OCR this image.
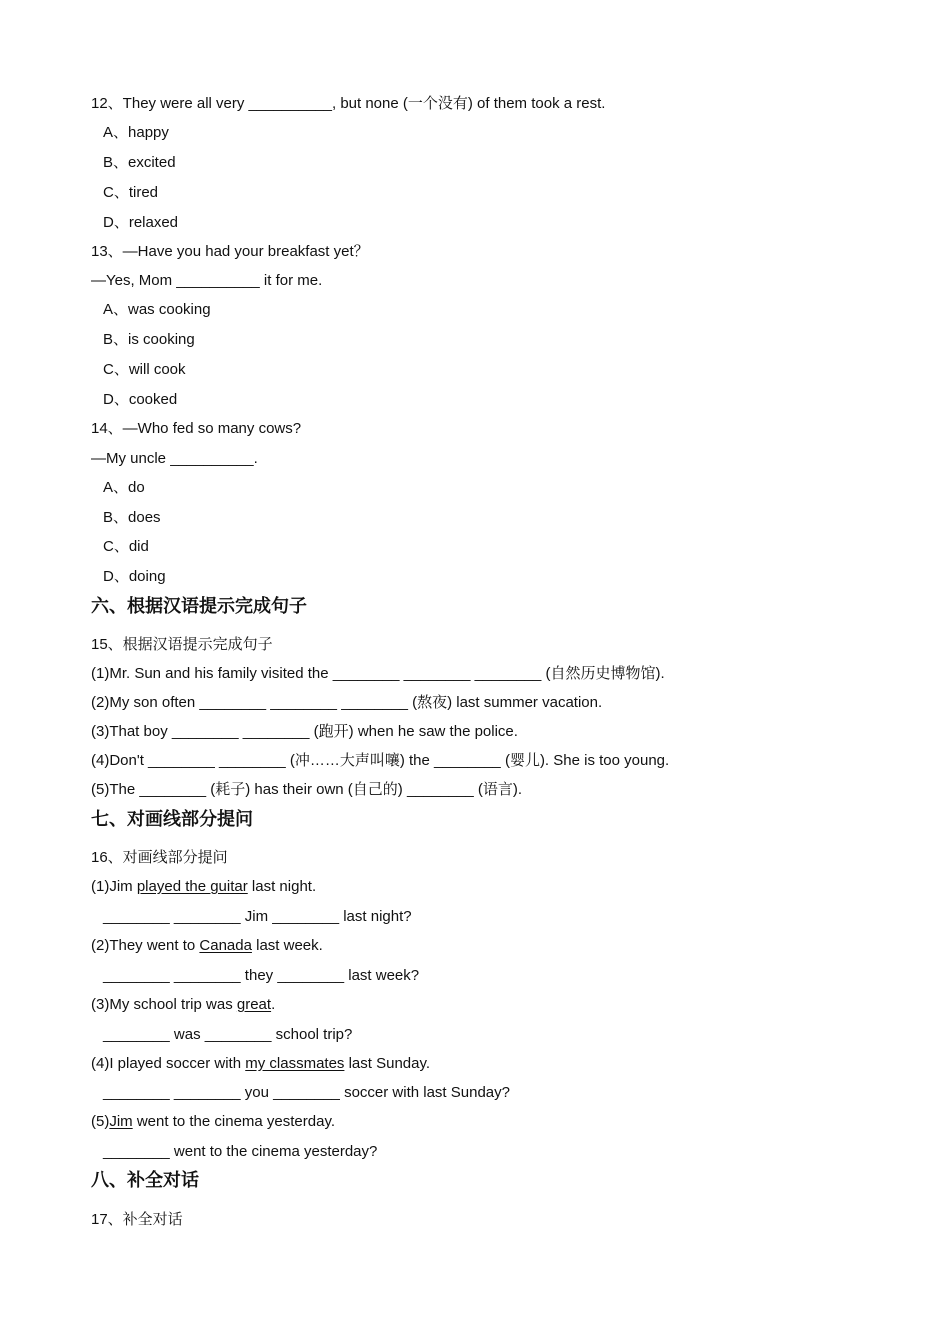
12、They were all very __________, but none (一个没有) of them took a rest.
A、happy
B、excited
C、tired
D、relaxed
13、—Have you had your breakfast yet？
—Yes, Mom __________ it for me.
A、was cooking
B、is cooking
C、will cook
D、cooked
14、—Who fed so many cows?
—My uncle __________.
A、do
B、does
C、did
D、doing
六、根据汉语提示完成句子
15、根据汉语提示完成句子
(1)Mr. Sun and his family visited the ________ ________ ________ (自然历史博物馆).
(2)My son often ________ ________ ________ (熬夜) last summer vacation.
(3)That boy ________ ________ (跑开) when he saw the police.
(4)Don't ________ ________ (冲……大声叫嚷) the ________ (婴儿). She is too young.
(5)The ________ (耗子) has their own (自己的) ________ (语言).
七、对画线部分提问
16、对画线部分提问
(1)Jim played the guitar last night.
________ ________ Jim ________ last night?
(2)They went to Canada last week.
________ ________ they ________ last week?
(3)My school trip was great.
________ was ________ school trip?
(4)I played soccer with my classmates last Sunday.
________ ________ you ________ soccer with last Sunday?
(5)Jim went to the cinema yesterday.
________ went to the cinema yesterday?
八、补全对话
17、补全对话
